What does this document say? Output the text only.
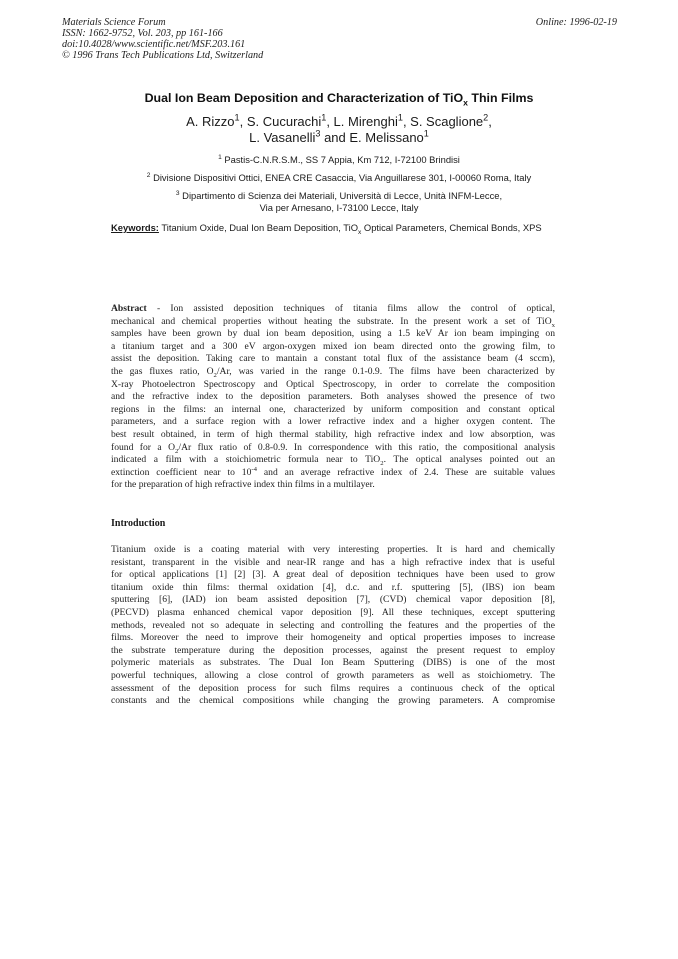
Materials Science Forum
ISSN: 1662-9752, Vol. 203, pp 161-166
doi:10.4028/www.scientific.net/MSF.203.161
© 1996 Trans Tech Publications Ltd, Switzerland
Online: 1996-02-19
Dual Ion Beam Deposition and Characterization of TiO$_x$ Thin Films
A. Rizzo$^1$, S. Cucurachi$^1$, L. Mirenghi$^1$, S. Scaglione$^2$,
L. Vasanelli$^3$ and E. Melissano$^1$
$^1$ Pastis-C.N.R.S.M., SS 7 Appia, Km 712, I-72100 Brindisi
$^2$ Divisione Dispositivi Ottici, ENEA CRE Casaccia, Via Anguillarese 301, I-00060 Roma, Italy
$^3$ Dipartimento di Scienza dei Materiali, Università di Lecce, Unità INFM-Lecce,
Via per Arnesano, I-73100 Lecce, Italy
Keywords: Titanium Oxide, Dual Ion Beam Deposition, TiO$_x$ Optical Parameters, Chemical Bonds, XPS
Abstract - Ion assisted deposition techniques of titania films allow the control of optical,
mechanical and chemical properties without heating the substrate. In the present work a set of TiO$_x$
samples have been grown by dual ion beam deposition, using a 1.5 keV Ar ion beam impinging on
a titanium target and a 300 eV argon-oxygen mixed ion beam directed onto the growing film, to
assist the deposition. Taking care to mantain a constant total flux of the assistance beam (4 sccm),
the gas fluxes ratio, $O_2/Ar$, was varied in the range 0.1-0.9. The films have been characterized by
X-ray Photoelectron Spectroscopy and Optical Spectroscopy, in order to correlate the composition
and the refractive index to the deposition parameters. Both analyses showed the presence of two
regions in the films: an internal one, characterized by uniform composition and constant optical
parameters, and a surface region with a lower refractive index and a higher oxygen content. The
best result obtained, in term of high thermal stability, high refractive index and low absorption, was
found for a $O_2/Ar$ flux ratio of 0.8-0.9. In correspondence with this ratio, the compositional analysis
indicated a film with a stoichiometric formula near to TiO$_2$. The optical analyses pointed out an
extinction coefficient near to $10^{-4}$ and an average refractive index of 2.4. These are suitable values
for the preparation of high refractive index thin films in a multilayer.
Introduction
Titanium oxide is a coating material with very interesting properties. It is hard and chemically
resistant, transparent in the visible and near-IR range and has a high refractive index that is useful
for optical applications [1] [2] [3]. A great deal of deposition techniques have been used to grow
titanium oxide thin films: thermal oxidation [4], d.c. and r.f. sputtering [5], (IBS) ion beam
sputtering [6], (IAD) ion beam assisted deposition [7], (CVD) chemical vapor deposition [8],
(PECVD) plasma enhanced chemical vapor deposition [9]. All these techniques, except sputtering
methods, revealed not so adequate in selecting and controlling the features and the properties of the
films. Moreover the need to improve their homogeneity and optical properties imposes to increase
the substrate temperature during the deposition processes, against the present request to employ
polymeric materials as substrates. The Dual Ion Beam Sputtering (DIBS) is one of the most
powerful techniques, allowing a close control of growth parameters as well as stoichiometry. The
assessment of the deposition process for such films requires a continuous check of the optical
constants and the chemical compositions while changing the growing parameters. A compromise
